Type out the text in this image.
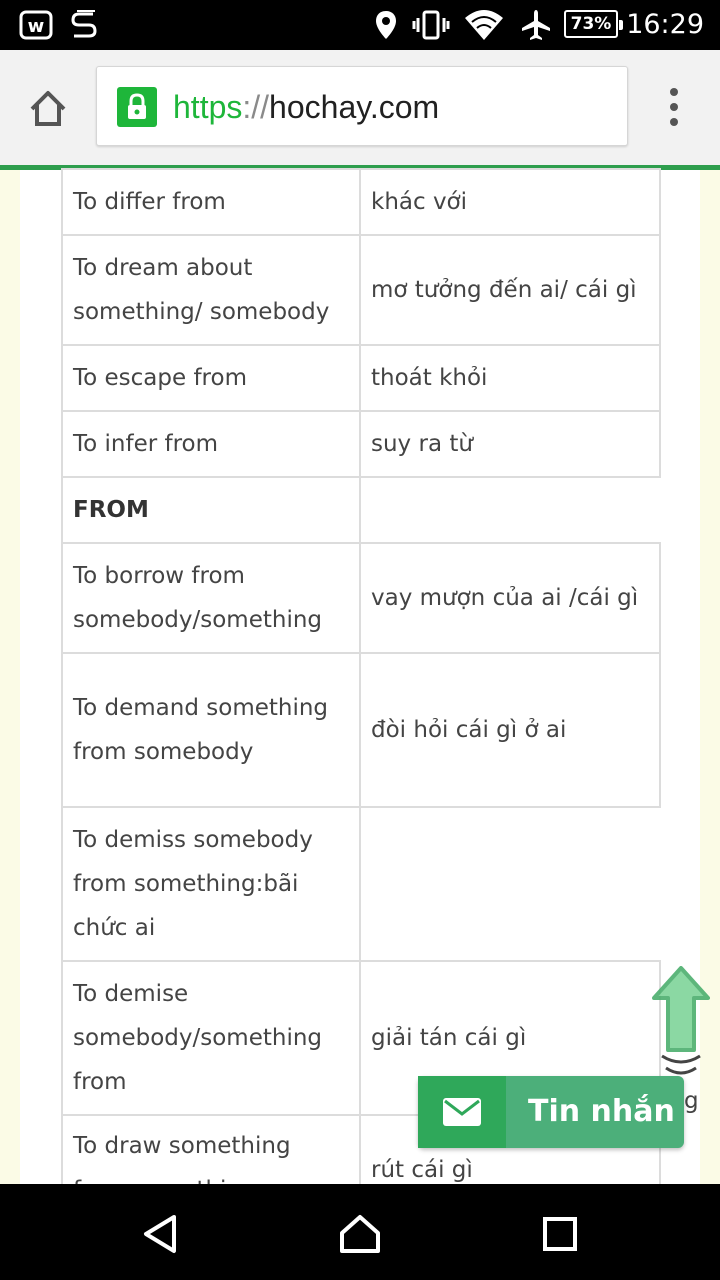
w	73% 16:29
https://hochay.com
To differ from	khác với
To dream about something/ somebody	mơ tưởng đến ai/ cái gì
To escape from	thoát khỏi
To infer from	suy ra từ
FROM	
To borrow from somebody/something	vay mượn của ai /cái gì
To demand something from somebody	đòi hỏi cái gì ở ai
To demiss somebody from something:bãi chức ai	
To demise somebody/something from	giải tán cái gì
To draw something	rút cái gì
g
Tin nhắn
